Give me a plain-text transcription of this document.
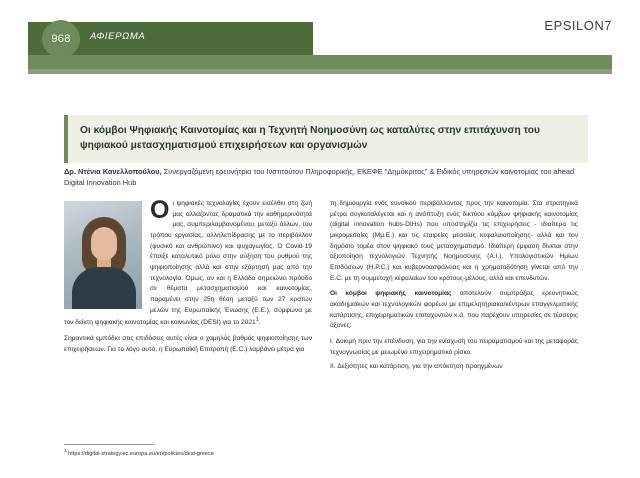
968	ΑΦΙΕΡΩΜΑ
EPSILON7
Οι κόμβοι Ψηφιακής Καινοτομίας και η Τεχνητή Νοημοσύνη ως καταλύτες στην επιτάχυνση του ψηφιακού μετασχηματισμού επιχειρήσεων και οργανισμών
Δρ. Ντένια Κανελλοπούλου, Συνεργαζόμενη ερευνήτρια του Ινστιτούτου Πληροφορικής, ΕΚΕΦΕ "Δημόκριτος" & Ειδικός υπηρεσιών καινοτομίας του ahead Digital Innovation Hub

Οι ψηφιακές τεχνολογίες έχουν εισέλθει στη ζωή μας αλλάζοντας δραματικά την καθημερινότητά μας, συμπεριλαμβανομένου, μεταξύ άλλων, του τρόπου εργασίας, αλληλεπίδρασης με το περιβάλλον (φυσικό και ανθρώπινο) και ψυχαγωγίας. Ο Covid-19 έπαιξε καταλυτικό ρόλο στην αύξηση του ρυθμού της ψηφιοποίησης αλλά και στην εξάρτησή μας από την τεχνολογία. Όμως, αν και η Ελλάδα σημειώνει πρόοδο σε θέματα μετασχηματισμού και καινοτομίας, παραμένει στην 25η θέση μεταξύ των 27 κρατών μελών της Ευρωπαϊκής Ένωσης (Ε.Ε.), σύμφωνα με τον δείκτη ψηφιακής καινοτομίας και κοινωνίας (DESI) για το 2021$^1$.

Σημαντικά εμπόδια στις επιδόσεις αυτές είναι ο χαμηλός βαθμός ψηφιοποίησης των επιχειρήσεων. Για το λόγο αυτό, η Ευρωπαϊκή Επιτροπή (Ε.C.) λαμβάνει μέτρα για

τη δημιουργία ενός ευνοϊκού περιβάλλοντος προς την καινοτομία. Στα στρατηγικά μέτρα συγκαταλέγεται και η ανάπτυξη ενός δικτύου κόμβων ψηφιακής καινοτομίας (digital innovation hubs-DIHs) που υποστηρίζει τις επιχειρήσεις - ιδιαίτερα τις μικρομεσαίες (Μμ.Ε.) και τις εταιρείες μεσαίας κεφαλαιοποίησης- αλλά και τον δημόσιο τομέα στον ψηφιακό τους μετασχηματισμό. Ιδιαίτερη έμφαση δίνεται στην αξιοποίηση τεχνολογιών Τεχνητής Νοημοσύνης (Α.Ι.), Υπολογιστικών Ημίων Επιδόσεων (H.P.C.) και κυβερνοασφάλειας και η χρηματοδότηση γίνεται από την Ε.C. με τη συμμετοχή κεφαλαίων του κράτους-μέλους, αλλά και επενδυτών.

Οι κόμβοι ψηφιακής καινοτομίας αποτελούν συμπράξεις ερευνητικώς ακαδημαϊκών και τεχνολογικών φορέων με επιμελητήριακα/κέντρων επαγγελματικής κατάρτισης, επιχειρηματικών επιταχυντών κ.ά. που παρέχουν υπηρεσίες σε τέσσερις άξονες:

I. Δοκιμή πριν την επένδυση, για την ενίσχυση του πειραματισμού και της μεταφοράς τεχνογνωσίας με μειωμένο επιχειρηματικό ρίσκο.
II. Δεξιότητες και κατάρτιση, για την απόκτηση προηγμένων
$^1$ https://digital-strategy.ec.europa.eu/en/policies/desi-greece
